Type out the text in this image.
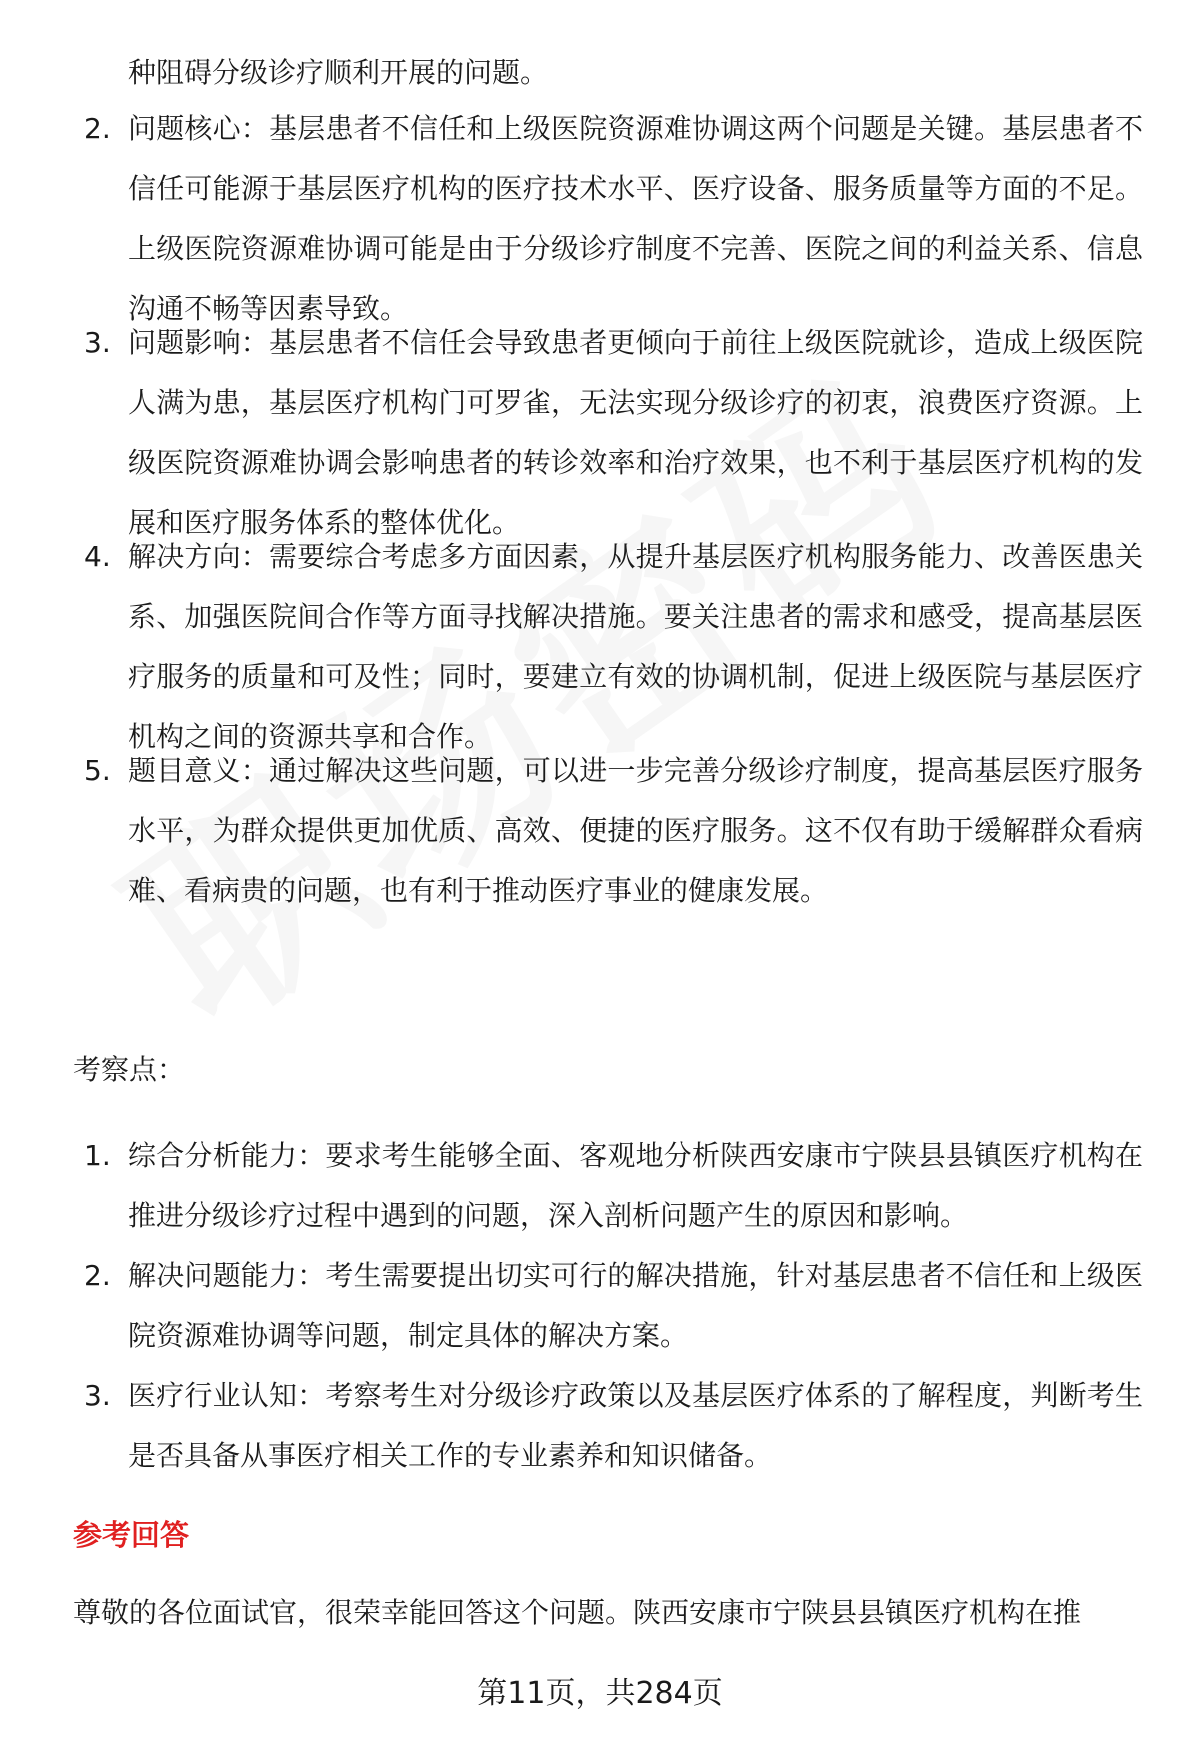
种阻碍分级诊疗顺利开展的问题。
2. 问题核心：基层患者不信任和上级医院资源难协调这两个问题是关键。基层患者不信任可能源于基层医疗机构的医疗技术水平、医疗设备、服务质量等方面的不足。上级医院资源难协调可能是由于分级诊疗制度不完善、医院之间的利益关系、信息沟通不畅等因素导致。
3. 问题影响：基层患者不信任会导致患者更倾向于前往上级医院就诊，造成上级医院人满为患，基层医疗机构门可罗雀，无法实现分级诊疗的初衷，浪费医疗资源。上级医院资源难协调会影响患者的转诊效率和治疗效果，也不利于基层医疗机构的发展和医疗服务体系的整体优化。
4. 解决方向：需要综合考虑多方面因素，从提升基层医疗机构服务能力、改善医患关系、加强医院间合作等方面寻找解决措施。要关注患者的需求和感受，提高基层医疗服务的质量和可及性；同时，要建立有效的协调机制，促进上级医院与基层医疗机构之间的资源共享和合作。
5. 题目意义：通过解决这些问题，可以进一步完善分级诊疗制度，提高基层医疗服务水平，为群众提供更加优质、高效、便捷的医疗服务。这不仅有助于缓解群众看病难、看病贵的问题，也有利于推动医疗事业的健康发展。
考察点：
1. 综合分析能力：要求考生能够全面、客观地分析陕西安康市宁陕县县镇医疗机构在推进分级诊疗过程中遇到的问题，深入剖析问题产生的原因和影响。
2. 解决问题能力：考生需要提出切实可行的解决措施，针对基层患者不信任和上级医院资源难协调等问题，制定具体的解决方案。
3. 医疗行业认知：考察考生对分级诊疗政策以及基层医疗体系的了解程度，判断考生是否具备从事医疗相关工作的专业素养和知识储备。
参考回答
尊敬的各位面试官，很荣幸能回答这个问题。陕西安康市宁陕县县镇医疗机构在推
第11页，共284页
